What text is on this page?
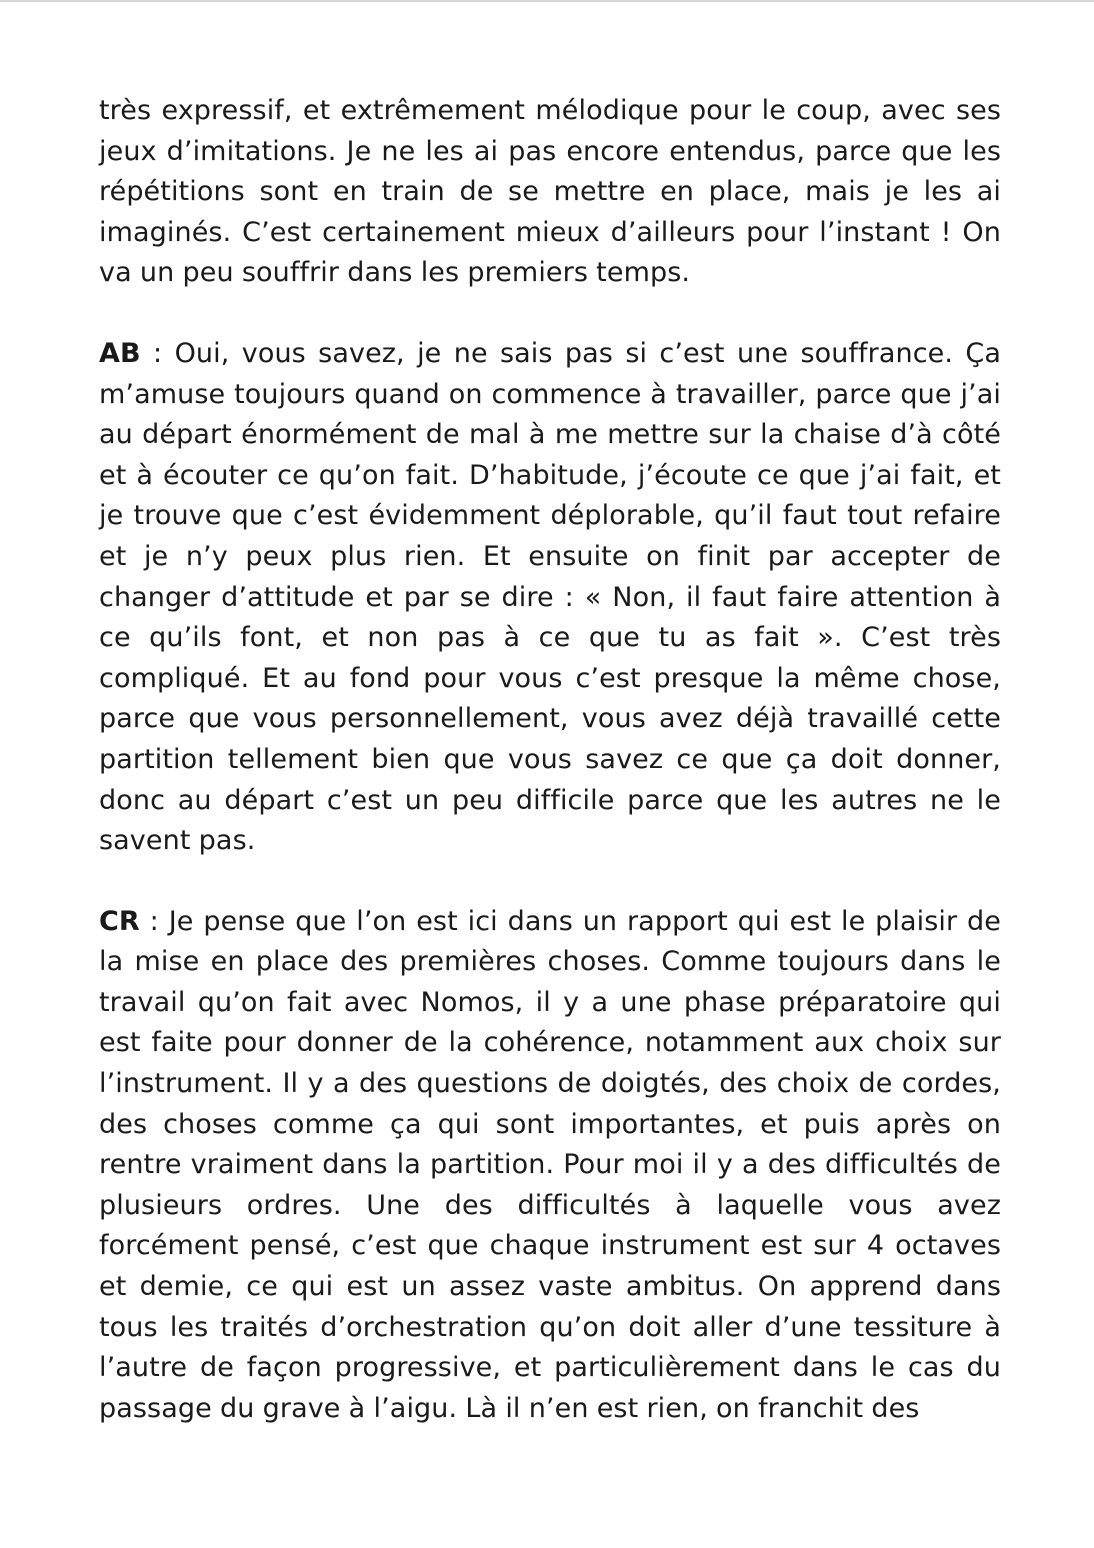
très expressif, et extrêmement mélodique pour le coup, avec ses jeux d’imitations. Je ne les ai pas encore entendus, parce que les répétitions sont en train de se mettre en place, mais je les ai imaginés. C’est certainement mieux d’ailleurs pour l’instant ! On va un peu souffrir dans les premiers temps.

AB : Oui, vous savez, je ne sais pas si c’est une souffrance. Ça m’amuse toujours quand on commence à travailler, parce que j’ai au départ énormément de mal à me mettre sur la chaise d’à côté et à écouter ce qu’on fait. D’habitude, j’écoute ce que j’ai fait, et je trouve que c’est évidemment déplorable, qu’il faut tout refaire et je n’y peux plus rien. Et ensuite on finit par accepter de changer d’attitude et par se dire : « Non, il faut faire attention à ce qu’ils font, et non pas à ce que tu as fait ». C’est très compliqué. Et au fond pour vous c’est presque la même chose, parce que vous personnellement, vous avez déjà travaillé cette partition tellement bien que vous savez ce que ça doit donner, donc au départ c’est un peu difficile parce que les autres ne le savent pas.

CR : Je pense que l’on est ici dans un rapport qui est le plaisir de la mise en place des premières choses. Comme toujours dans le travail qu’on fait avec Nomos, il y a une phase préparatoire qui est faite pour donner de la cohérence, notamment aux choix sur l’instrument. Il y a des questions de doigtés, des choix de cordes, des choses comme ça qui sont importantes, et puis après on rentre vraiment dans la partition. Pour moi il y a des difficultés de plusieurs ordres. Une des difficultés à laquelle vous avez forcément pensé, c’est que chaque instrument est sur 4 octaves et demie, ce qui est un assez vaste ambitus. On apprend dans tous les traités d’orchestration qu’on doit aller d’une tessiture à l’autre de façon progressive, et particulièrement dans le cas du passage du grave à l’aigu. Là il n’en est rien, on franchit des
